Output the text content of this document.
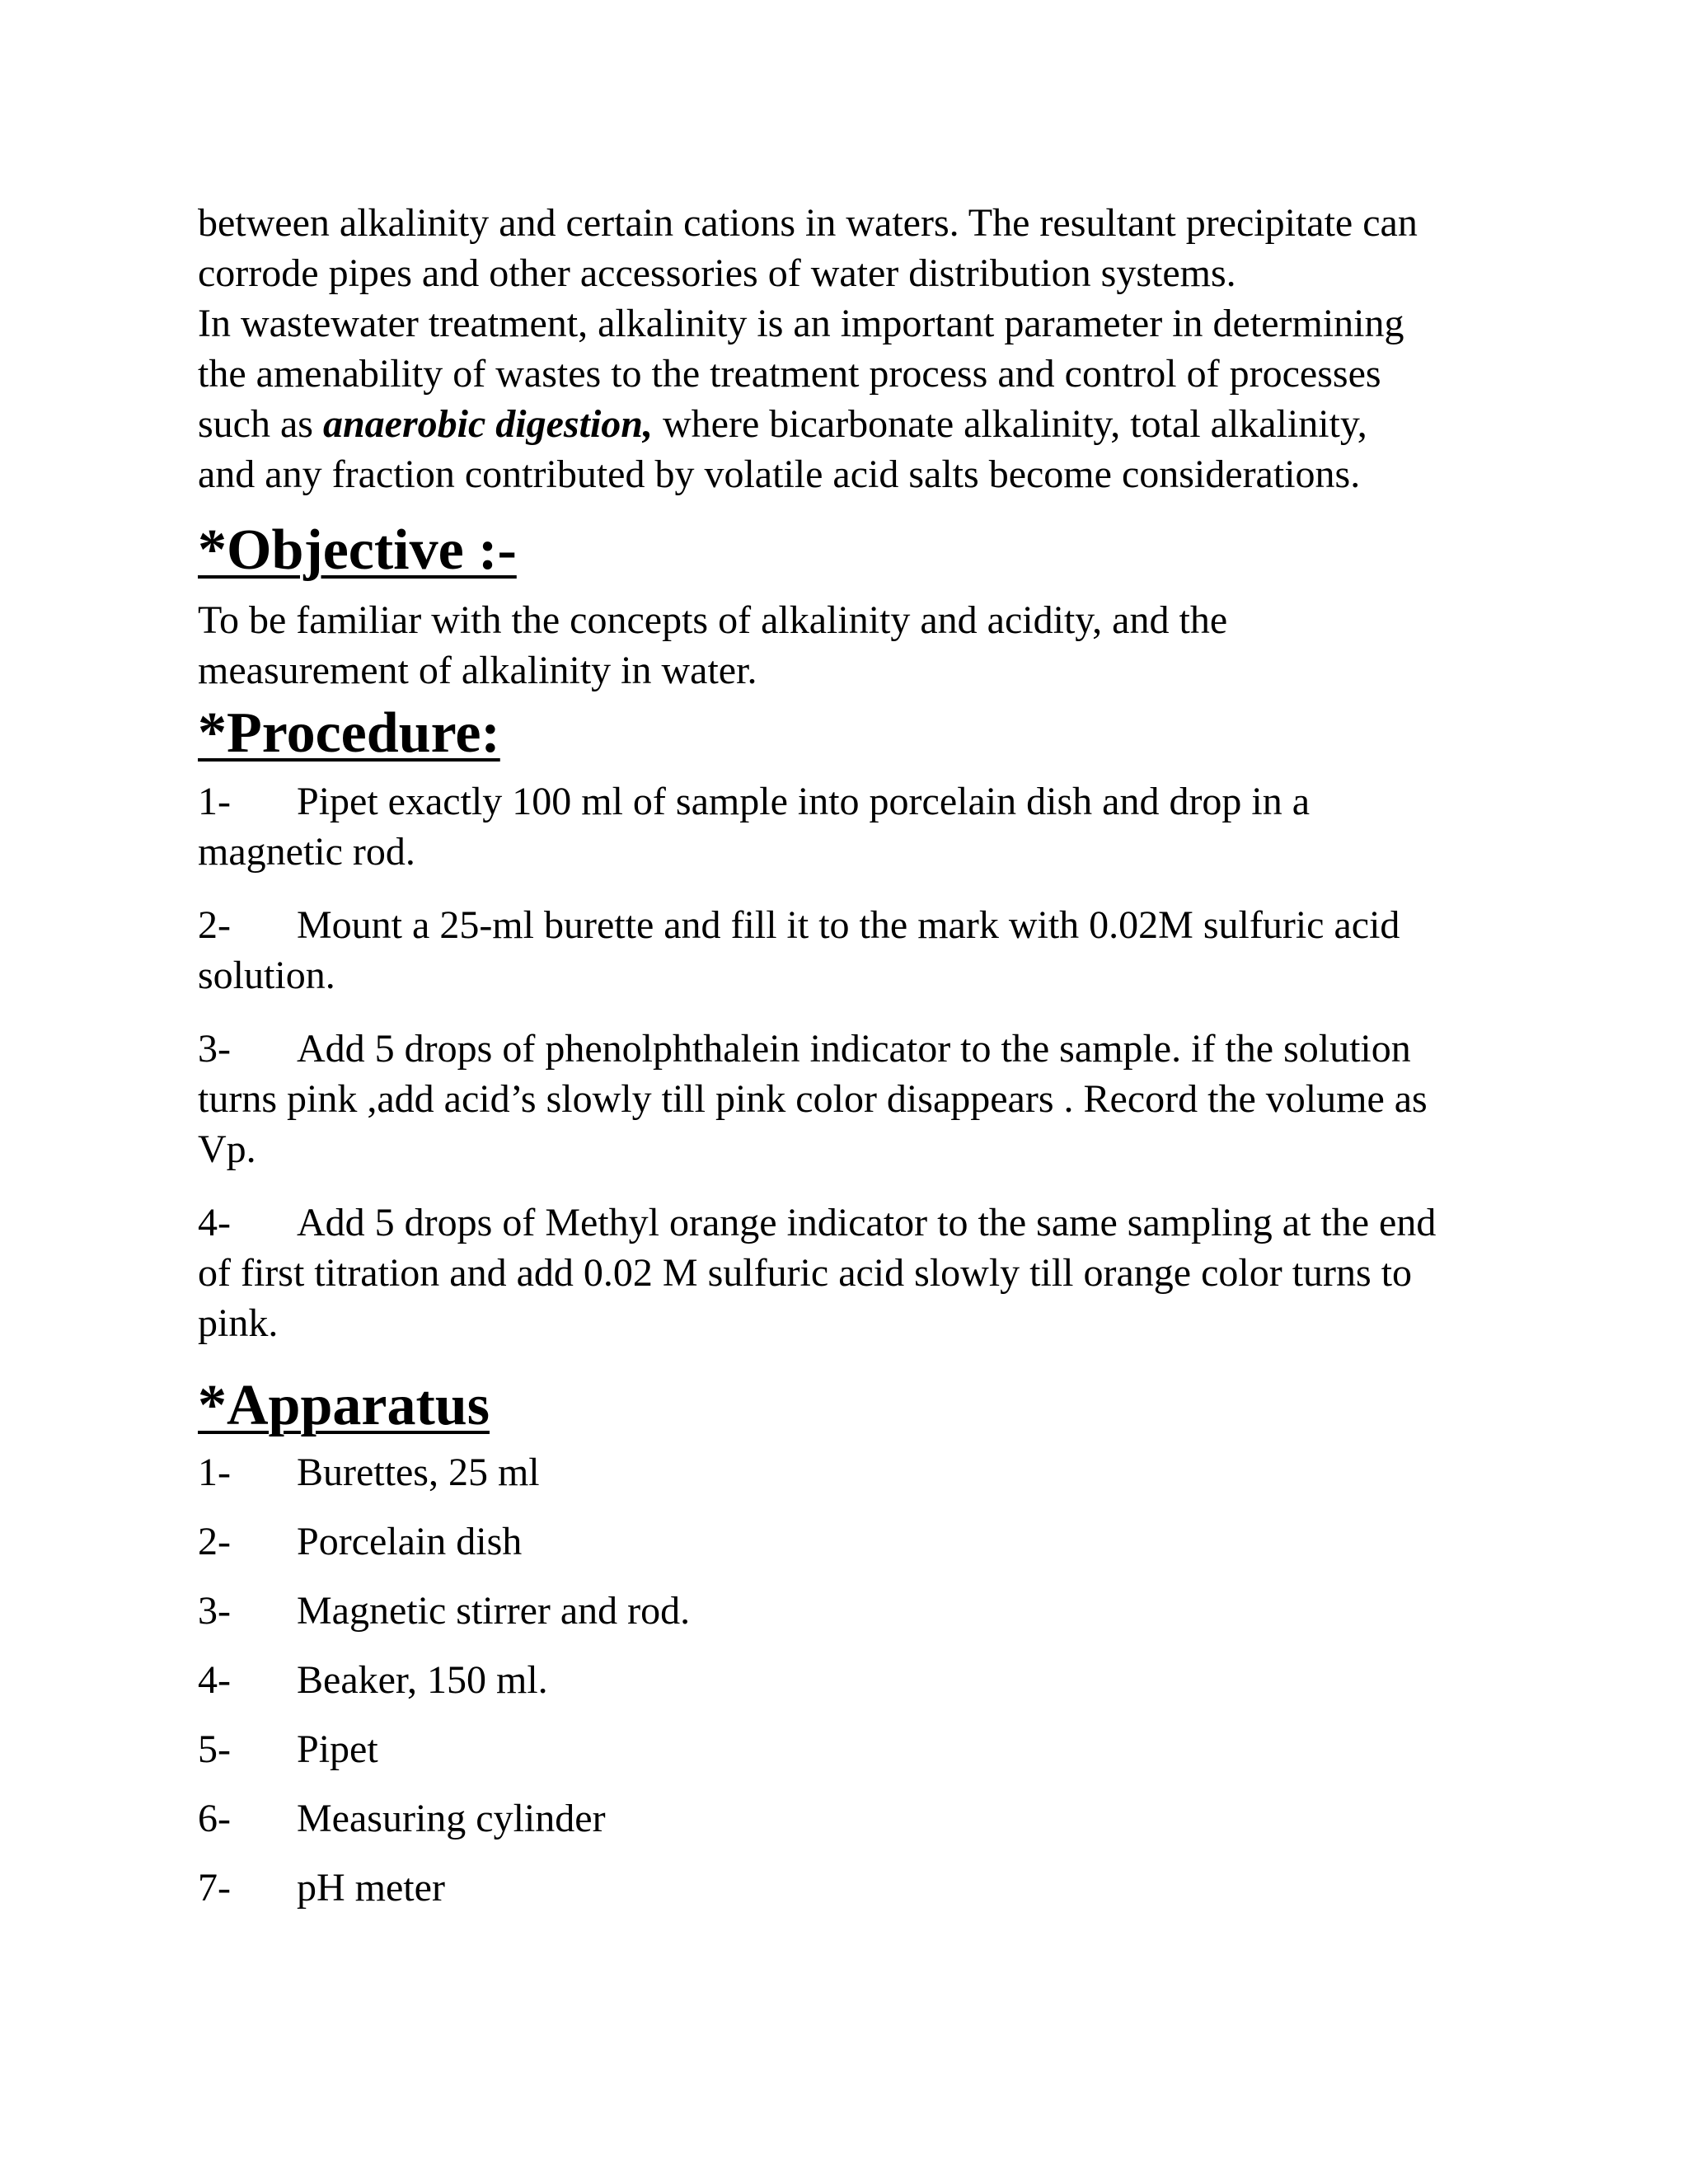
between alkalinity and certain cations in waters. The resultant precipitate can
corrode pipes and other accessories of water distribution systems.
In wastewater treatment, alkalinity is an important parameter in determining
the amenability of wastes to the treatment process and control of processes
such as anaerobic digestion, where bicarbonate alkalinity, total alkalinity,
and any fraction contributed by volatile acid salts become considerations.

*Objective :-

To be familiar with the concepts of alkalinity and acidity, and the
measurement of alkalinity in water.

*Procedure:

1- Pipet exactly 100 ml of sample into porcelain dish and drop in a
magnetic rod.

2- Mount a 25-ml burette and fill it to the mark with 0.02M sulfuric acid
solution.

3- Add 5 drops of phenolphthalein indicator to the sample. if the solution
turns pink ,add acid’s slowly till pink color disappears . Record the volume as
Vp.

4- Add 5 drops of Methyl orange indicator to the same sampling at the end
of first titration and add 0.02 M sulfuric acid slowly till orange color turns to
pink.

*Apparatus
1- Burettes, 25 ml
2- Porcelain dish
3- Magnetic stirrer and rod.
4- Beaker, 150 ml.
5- Pipet
6- Measuring cylinder
7- pH meter
